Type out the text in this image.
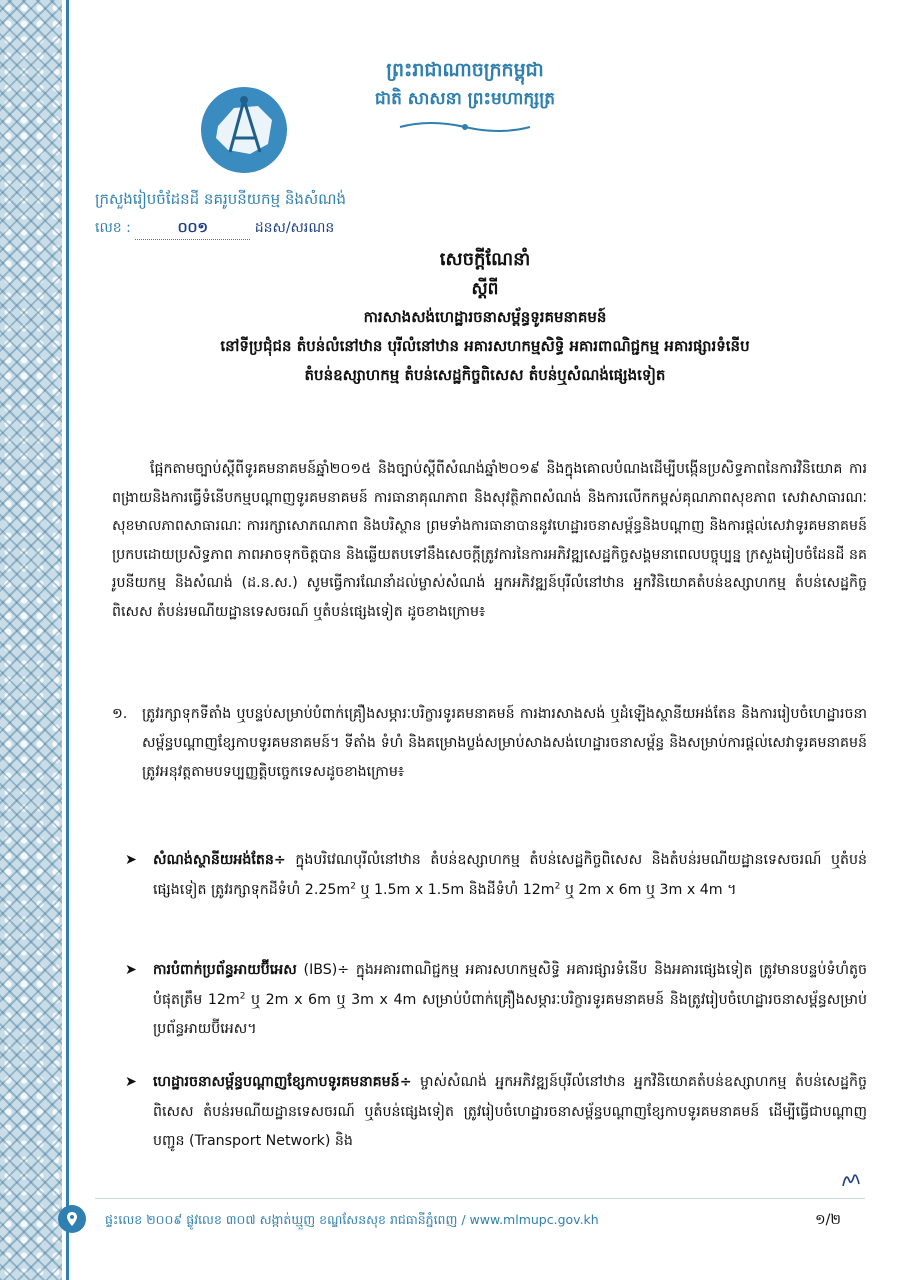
ព្រះរាជាណាចក្រកម្ពុជា
ជាតិ សាសនា ព្រះមហាក្សត្រ
ក្រសួងរៀបចំដែនដី នគរូបនីយកម្ម និងសំណង់
លេខ :	០០១	ដនស/សរណន
សេចក្តីណែនាំ
ស្តីពី
ការសាងសង់ហេដ្ឋារចនាសម្ព័ន្ធទូរគមនាគមន៍
នៅទីប្រជុំជន តំបន់លំនៅឋាន បុរីលំនៅឋាន អគារសហកម្មសិទ្ធិ អគារពាណិជ្ជកម្ម អគារផ្សារទំនើប
តំបន់ឧស្សាហកម្ម តំបន់សេដ្ឋកិច្ចពិសេស តំបន់ឬសំណង់ផ្សេងទៀត

ផ្អែកតាមច្បាប់ស្តីពីទូរគមនាគមន៍ឆ្នាំ២០១៥ និងច្បាប់ស្តីពីសំណង់ឆ្នាំ២០១៩ និងក្នុងគោលបំណងដើម្បីបង្កើនប្រសិទ្ធភាពនៃការវិនិយោគ ការពង្រាយនិងការធ្វើទំនើបកម្មបណ្តាញទូរគមនាគមន៍ ការធានាគុណភាព និងសុវត្ថិភាពសំណង់ និងការលើកកម្ពស់គុណភាពសុខភាព សេវាសាធារណៈ សុខមាលភាពសាធារណៈ ការរក្សាសោភណភាព និងបរិស្ថាន ព្រមទាំងការធានាបាននូវហេដ្ឋារចនាសម្ព័ន្ធនិងបណ្តាញ និងការផ្តល់សេវាទូរគមនាគមន៍ប្រកបដោយប្រសិទ្ធភាព ភាពអាចទុកចិត្តបាន និងឆ្លើយតបទៅនឹងសេចក្តីត្រូវការនៃការអភិវឌ្ឍសេដ្ឋកិច្ចសង្គមនាពេលបច្ចុប្បន្ន ក្រសួងរៀបចំដែនដី នគរូបនីយកម្ម និងសំណង់ (ដ.ន.ស.) សូមធ្វើការណែនាំដល់ម្ចាស់សំណង់ អ្នកអភិវឌ្ឍន៍បុរីលំនៅឋាន អ្នកវិនិយោគតំបន់ឧស្សាហកម្ម តំបន់សេដ្ឋកិច្ចពិសេស តំបន់រមណីយដ្ឋានទេសចរណ៍ ឬតំបន់ផ្សេងទៀត ដូចខាងក្រោម៖

១. ត្រូវរក្សាទុកទីតាំង ឬបន្ទប់សម្រាប់បំពាក់គ្រឿងសម្ភារៈបរិក្ខារទូរគមនាគមន៍ ការងារសាងសង់ ឬដំឡើងស្ថានីយអង់តែន និងការរៀបចំហេដ្ឋារចនាសម្ព័ន្ធបណ្តាញខ្សែកាបទូរគមនាគមន៍។ ទីតាំង ទំហំ និងគម្រោងប្លង់សម្រាប់សាងសង់ហេដ្ឋារចនាសម្ព័ន្ធ និងសម្រាប់ការផ្តល់សេវាទូរគមនាគមន៍ ត្រូវអនុវត្តតាមបទប្បញ្ញត្តិបច្ចេកទេសដូចខាងក្រោម៖
➤ សំណង់ស្ថានីយអង់តែន÷ ក្នុងបរិវេណបុរីលំនៅឋាន តំបន់ឧស្សាហកម្ម តំបន់សេដ្ឋកិច្ចពិសេស និងតំបន់រមណីយដ្ឋានទេសចរណ៍ ឬតំបន់ផ្សេងទៀត ត្រូវរក្សាទុកដីទំហំ $2.25m^2$ ឬ 1.5m x 1.5m និងដីទំហំ $12m^2$ ឬ 2m x 6m ឬ 3m x 4m ។
➤ ការបំពាក់ប្រព័ន្ធអាយប៊ីអេស (IBS)÷ ក្នុងអគារពាណិជ្ជកម្ម អគារសហកម្មសិទ្ធិ អគារផ្សារទំនើប និងអគារផ្សេងទៀត ត្រូវមានបន្ទប់ទំហំតូចបំផុតត្រឹម $12m^2$ ឬ 2m x 6m ឬ 3m x 4m សម្រាប់បំពាក់គ្រឿងសម្ភារៈបរិក្ខារទូរគមនាគមន៍ និងត្រូវរៀបចំហេដ្ឋារចនាសម្ព័ន្ធសម្រាប់ប្រព័ន្ធអាយប៊ីអេស។
➤ ហេដ្ឋារចនាសម្ព័ន្ធបណ្តាញខ្សែកាបទូរគមនាគមន៍÷ ម្ចាស់សំណង់ អ្នកអភិវឌ្ឍន៍បុរីលំនៅឋាន អ្នកវិនិយោគតំបន់ឧស្សាហកម្ម តំបន់សេដ្ឋកិច្ចពិសេស តំបន់រមណីយដ្ឋានទេសចរណ៍ ឬតំបន់ផ្សេងទៀត ត្រូវរៀបចំហេដ្ឋារចនាសម្ព័ន្ធបណ្តាញខ្សែកាបទូរគមនាគមន៍ ដើម្បីធ្វើជាបណ្តាញបញ្ជូន (Transport Network) និង
ផ្ទះលេខ ២០០៩ ផ្លូវលេខ ៣០៧ សង្កាត់ឃ្មួញ ខណ្ឌសែនសុខ រាជធានីភ្នំពេញ / www.mlmupc.gov.kh	១/២
